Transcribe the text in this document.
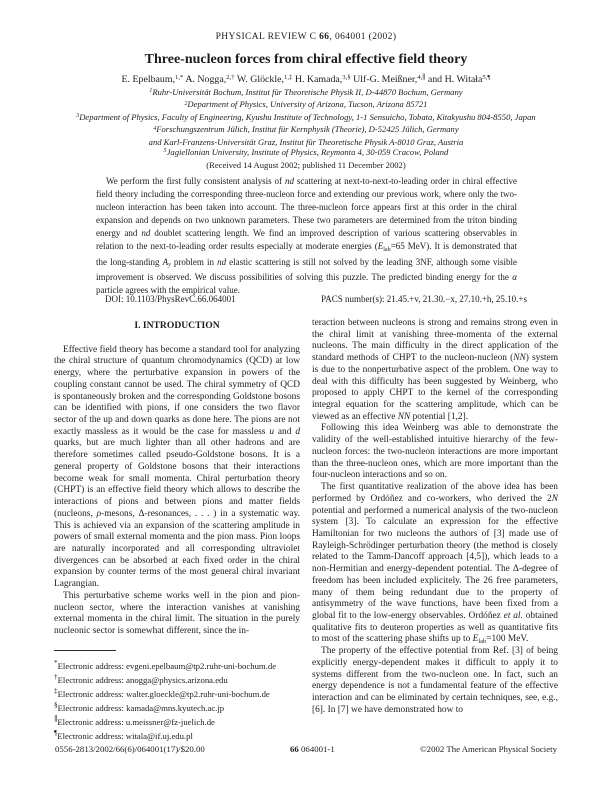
PHYSICAL REVIEW C 66, 064001 (2002)
Three-nucleon forces from chiral effective field theory
E. Epelbaum,$^{1,*}$ A. Nogga,$^{2,\dagger}$ W. Glöckle,$^{1,\ddagger}$ H. Kamada,$^{3,\S}$ Ulf-G. Meißner,$^{4,\parallel}$ and H. Witała$^{5,\P}$
$^1$Ruhr-Universität Bochum, Institut für Theoretische Physik II, D-44870 Bochum, Germany
$^2$Department of Physics, University of Arizona, Tucson, Arizona 85721
$^3$Department of Physics, Faculty of Engineering, Kyushu Institute of Technology, 1-1 Sensuicho, Tobata, Kitakyushu 804-8550, Japan
$^4$Forschungszentrum Jülich, Institut für Kernphysik (Theorie), D-52425 Jülich, Germany
and Karl-Franzens-Universität Graz, Institut für Theoretische Physik A-8010 Graz, Austria
$^5$Jagiellonian University, Institute of Physics, Reymonta 4, 30-059 Cracow, Poland
(Received 14 August 2002; published 11 December 2002)
We perform the first fully consistent analysis of nd scattering at next-to-next-to-leading order in chiral effective field theory including the corresponding three-nucleon force and extending our previous work, where only the two-nucleon interaction has been taken into account. The three-nucleon force appears first at this order in the chiral expansion and depends on two unknown parameters. These two parameters are determined from the triton binding energy and nd doublet scattering length. We find an improved description of various scattering observables in relation to the next-to-leading order results especially at moderate energies (Elab=65 MeV). It is demonstrated that the long-standing Ay problem in nd elastic scattering is still not solved by the leading 3NF, although some visible improvement is observed. We discuss possibilities of solving this puzzle. The predicted binding energy for the α particle agrees with the empirical value.
DOI: 10.1103/PhysRevC.66.064001	PACS number(s): 21.45.+v, 21.30.−x, 27.10.+h, 25.10.+s
I. INTRODUCTION

Effective field theory has become a standard tool for analyzing the chiral structure of quantum chromodynamics (QCD) at low energy, where the perturbative expansion in powers of the coupling constant cannot be used. The chiral symmetry of QCD is spontaneously broken and the corresponding Goldstone bosons can be identified with pions, if one considers the two flavor sector of the up and down quarks as done here. The pions are not exactly massless as it would be the case for massless u and d quarks, but are much lighter than all other hadrons and are therefore sometimes called pseudo-Goldstone bosons. It is a general property of Goldstone bosons that their interactions become weak for small momenta. Chiral perturbation theory (CHPT) is an effective field theory which allows to describe the interactions of pions and between pions and matter fields (nucleons, ρ-mesons, Δ-resonances, . . . ) in a systematic way. This is achieved via an expansion of the scattering amplitude in powers of small external momenta and the pion mass. Pion loops are naturally incorporated and all corresponding ultraviolet divergences can be absorbed at each fixed order in the chiral expansion by counter terms of the most general chiral invariant Lagrangian.

This perturbative scheme works well in the pion and pion-nucleon sector, where the interaction vanishes at vanishing external momenta in the chiral limit. The situation in the purely nucleonic sector is somewhat different, since the in-

teraction between nucleons is strong and remains strong even in the chiral limit at vanishing three-momenta of the external nucleons. The main difficulty in the direct application of the standard methods of CHPT to the nucleon-nucleon (NN) system is due to the nonperturbative aspect of the problem. One way to deal with this difficulty has been suggested by Weinberg, who proposed to apply CHPT to the kernel of the corresponding integral equation for the scattering amplitude, which can be viewed as an effective NN potential [1,2].

Following this idea Weinberg was able to demonstrate the validity of the well-established intuitive hierarchy of the few-nucleon forces: the two-nucleon interactions are more important than the three-nucleon ones, which are more important than the four-nucleon interactions and so on.

The first quantitative realization of the above idea has been performed by Ordóñez and co-workers, who derived the 2N potential and performed a numerical analysis of the two-nucleon system [3]. To calculate an expression for the effective Hamiltonian for two nucleons the authors of [3] made use of Rayleigh-Schrödinger perturbation theory (the method is closely related to the Tamm-Dancoff approach [4,5]), which leads to a non-Hermitian and energy-dependent potential. The Δ-degree of freedom has been included explicitely. The 26 free parameters, many of them being redundant due to the property of antisymmetry of the wave functions, have been fixed from a global fit to the low-energy observables. Ordóñez et al. obtained qualitative fits to deuteron properties as well as quantitative fits to most of the scattering phase shifts up to Elab=100 MeV.

The property of the effective potential from Ref. [3] of being explicitly energy-dependent makes it difficult to apply it to systems different from the two-nucleon one. In fact, such an energy dependence is not a fundamental feature of the effective interaction and can be eliminated by certain techniques, see, e.g., [6]. In [7] we have demonstrated how to

*Electronic address: evgeni.epelbaum@tp2.ruhr-uni-bochum.de
†Electronic address: anogga@physics.arizona.edu
‡Electronic address: walter.gloeckle@tp2.ruhr-uni-bochum.de
§Electronic address: kamada@mns.kyutech.ac.jp
∥Electronic address: u.meissner@fz-juelich.de
¶Electronic address: witala@if.uj.edu.pl
0556-2813/2002/66(6)/064001(17)/$20.00	66 064001-1	©2002 The American Physical Society
